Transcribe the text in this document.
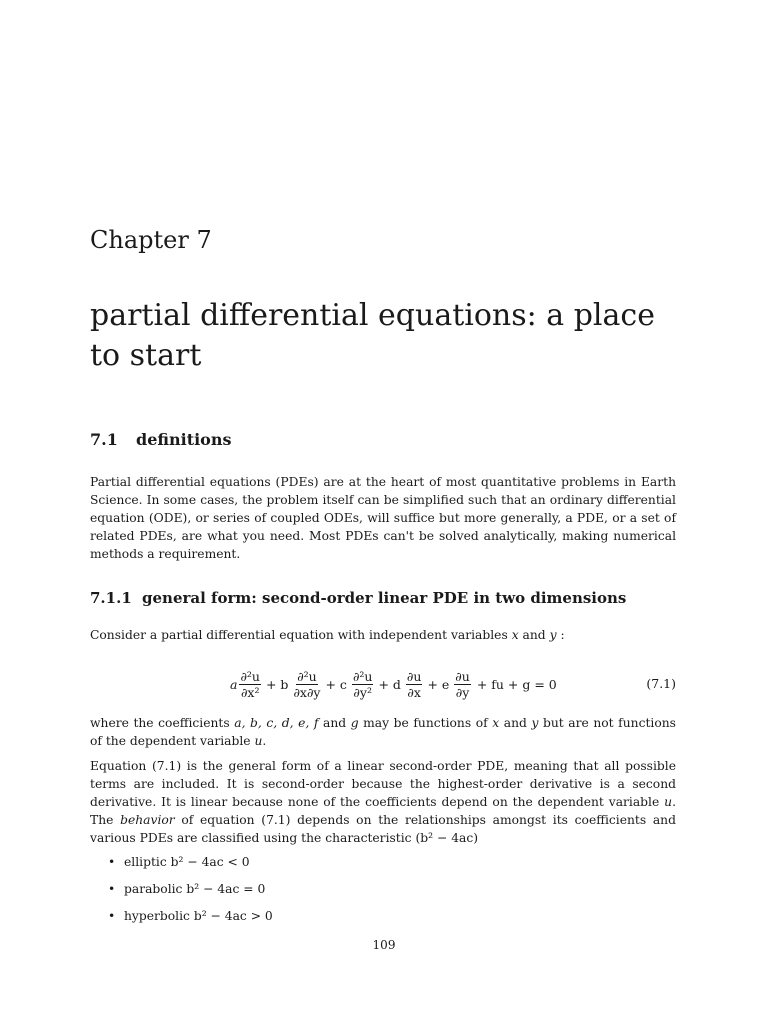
Chapter 7
partial differential equations: a place to start
7.1 definitions

Partial differential equations (PDEs) are at the heart of most quantitative problems in Earth Science. In some cases, the problem itself can be simplified such that an ordinary differential equation (ODE), or series of coupled ODEs, will suffice but more generally, a PDE, or a set of related PDEs, are what you need. Most PDEs can't be solved analytically, making numerical methods a requirement.

7.1.1 general form: second-order linear PDE in two dimensions

Consider a partial differential equation with independent variables x and y :

a $\frac{\text{∂²u}}{\text{∂x²}} + b \frac{\text{∂²u}}{\partial x\partial y} + c \frac{\text{∂²u}}{\text{∂y²}} + d \frac{\partial u}{\partial x} + e \frac{\partial u}{\partial y}$ + fu + g = 0	(7.1)

where the coefficients a, b, c, d, e, f and g may be functions of x and y but are not functions of the dependent variable u.

Equation (7.1) is the general form of a linear second-order PDE, meaning that all possible terms are included. It is second-order because the highest-order derivative is a second derivative. It is linear because none of the coefficients depend on the dependent variable u. The behavior of equation (7.1) depends on the relationships amongst its coefficients and various PDEs are classified using the characteristic (b² − 4ac)

• elliptic b² − 4ac < 0
• parabolic b² − 4ac = 0
• hyperbolic b² − 4ac > 0
109
